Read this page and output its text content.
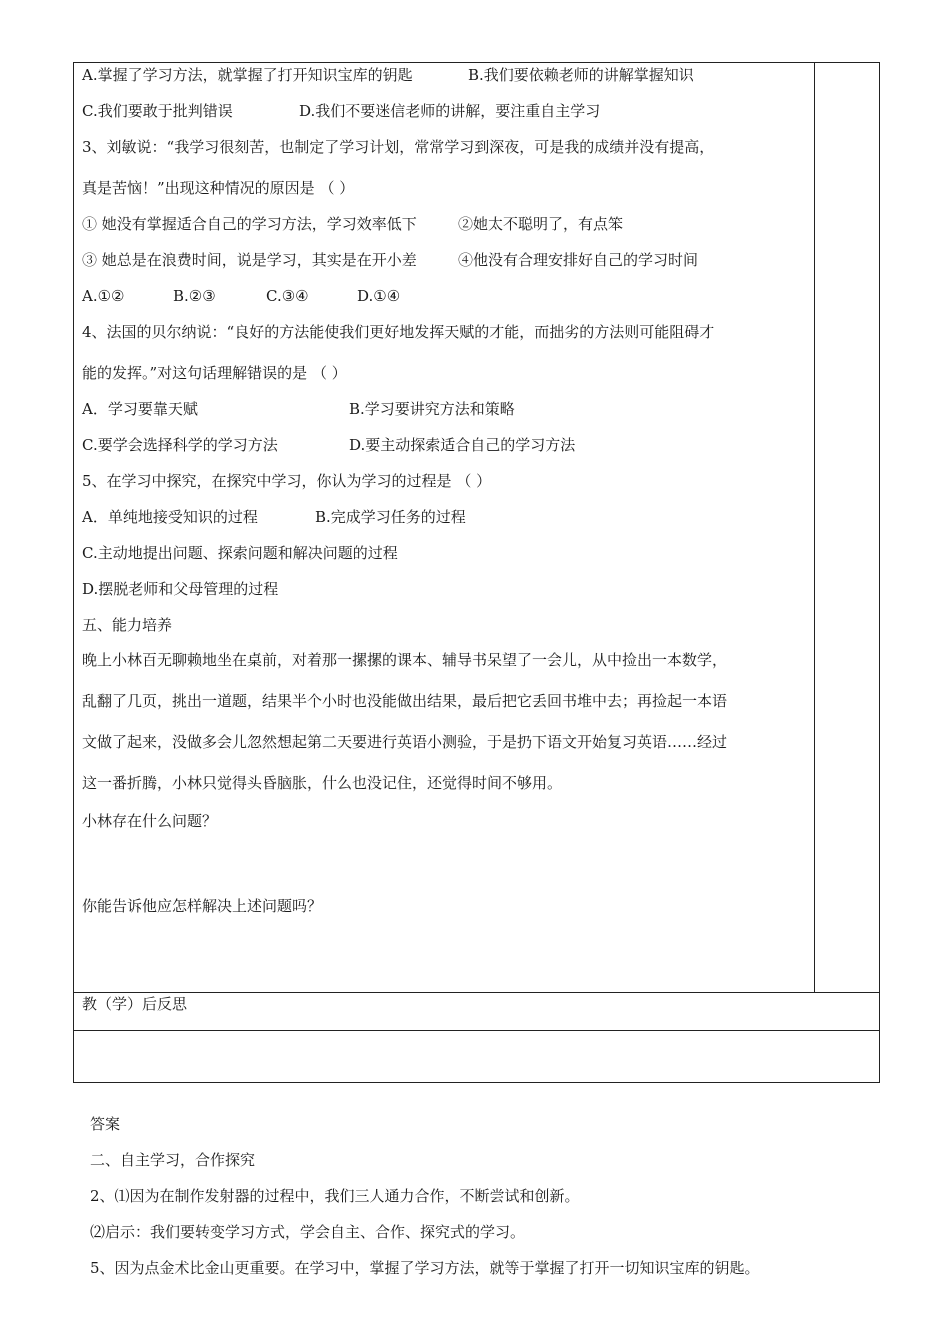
A.掌握了学习方法，就掌握了打开知识宝库的钥匙	B.我们要依赖老师的讲解掌握知识
C.我们要敢于批判错误	D.我们不要迷信老师的讲解，要注重自主学习
3、刘敏说：“我学习很刻苦，也制定了学习计划，常常学习到深夜，可是我的成绩并没有提高，
真是苦恼！”出现这种情况的原因是 （ ）
① 她没有掌握适合自己的学习方法，学习效率低下	②她太不聪明了，有点笨
③ 她总是在浪费时间，说是学习，其实是在开小差	④他没有合理安排好自己的学习时间
A.①②	B.②③	C.③④	D.①④
4、法国的贝尔纳说：“良好的方法能使我们更好地发挥天赋的才能，而拙劣的方法则可能阻碍才
能的发挥。”对这句话理解错误的是 （ ）
A．学习要靠天赋	B.学习要讲究方法和策略
C.要学会选择科学的学习方法	D.要主动探索适合自己的学习方法
5、在学习中探究，在探究中学习，你认为学习的过程是 （ ）
A．单纯地接受知识的过程	B.完成学习任务的过程
C.主动地提出问题、探索问题和解决问题的过程
D.摆脱老师和父母管理的过程
五、能力培养
晚上小林百无聊赖地坐在桌前，对着那一摞摞的课本、辅导书呆望了一会儿，从中捡出一本数学，
乱翻了几页，挑出一道题，结果半个小时也没能做出结果，最后把它丢回书堆中去；再捡起一本语
文做了起来，没做多会儿忽然想起第二天要进行英语小测验，于是扔下语文开始复习英语……经过
这一番折腾，小林只觉得头昏脑胀，什么也没记住，还觉得时间不够用。
小林存在什么问题？
你能告诉他应怎样解决上述问题吗？
教（学）后反思
答案
二、自主学习，合作探究
2、⑴因为在制作发射器的过程中，我们三人通力合作，不断尝试和创新。
⑵启示：我们要转变学习方式，学会自主、合作、探究式的学习。
5、因为点金术比金山更重要。在学习中，掌握了学习方法，就等于掌握了打开一切知识宝库的钥匙。
